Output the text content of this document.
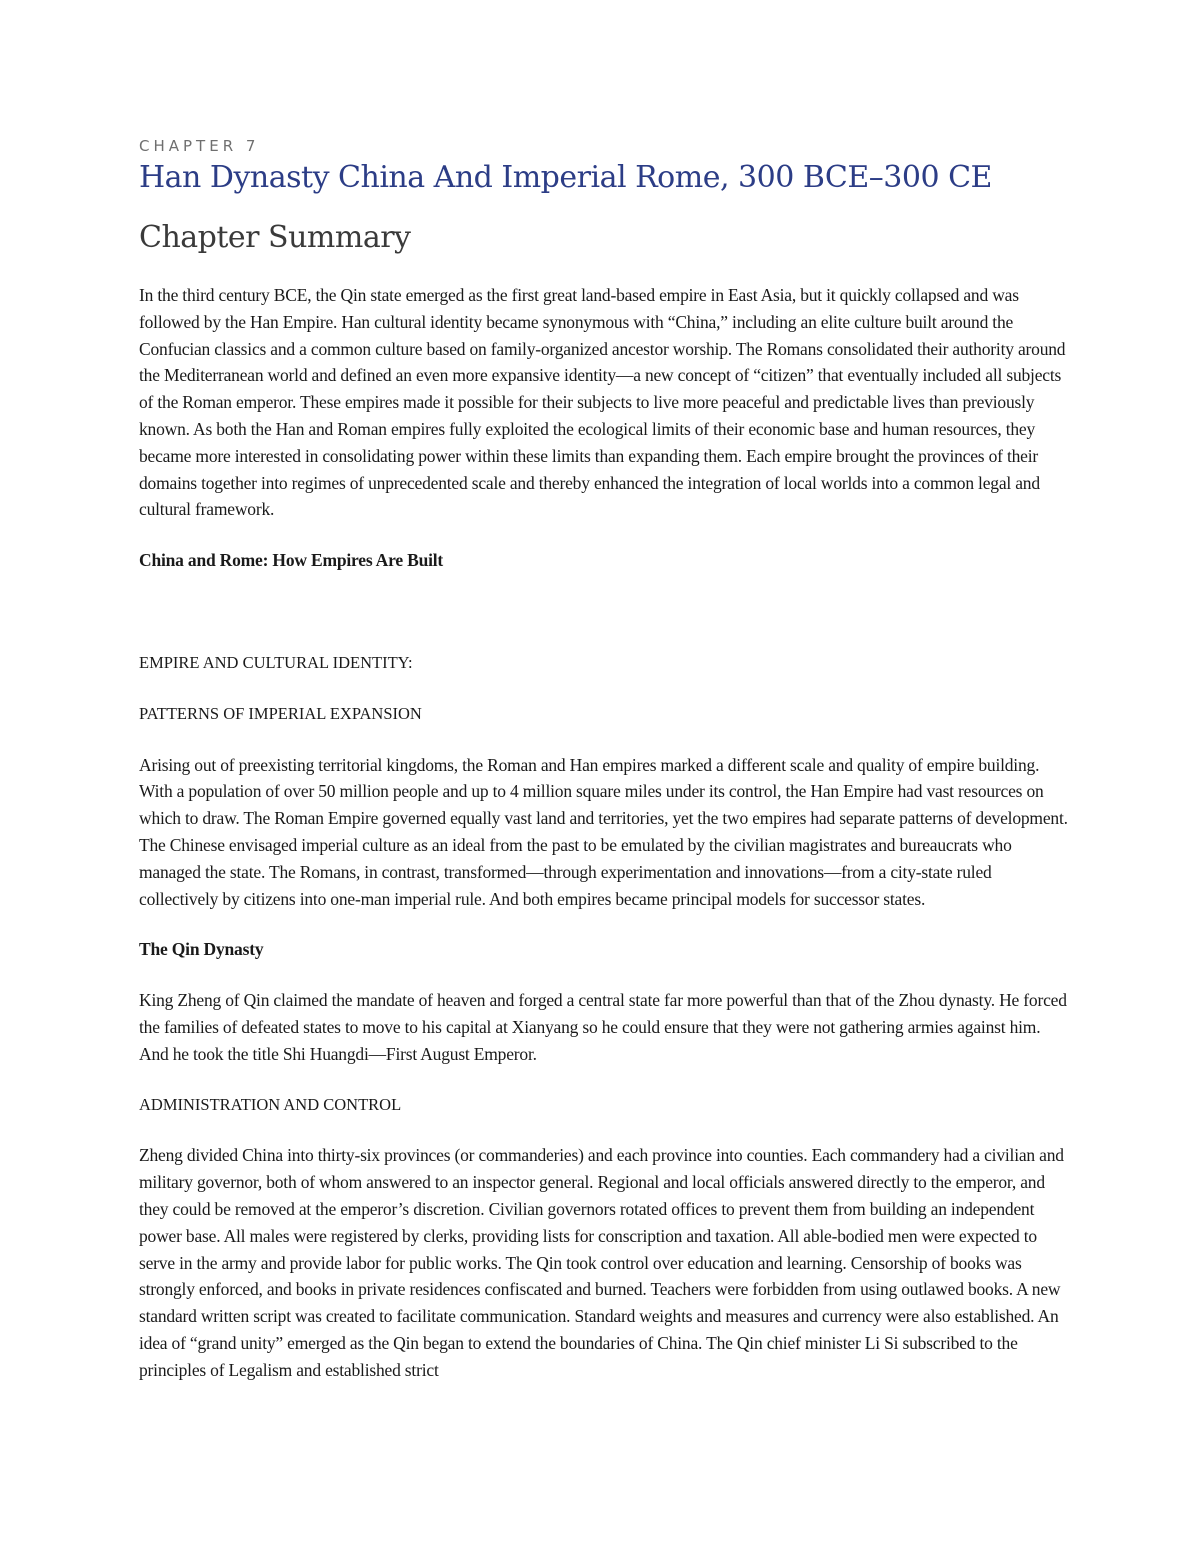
CHAPTER 7
Han Dynasty China And Imperial Rome, 300 BCE–300 CE
Chapter Summary

In the third century BCE, the Qin state emerged as the first great land-based empire in East Asia, but it quickly collapsed and was followed by the Han Empire. Han cultural identity became synonymous with “China,” including an elite culture built around the Confucian classics and a common culture based on family-organized ancestor worship. The Romans consolidated their authority around the Mediterranean world and defined an even more expansive identity—a new concept of “citizen” that eventually included all subjects of the Roman emperor. These empires made it possible for their subjects to live more peaceful and predictable lives than previously known. As both the Han and Roman empires fully exploited the ecological limits of their economic base and human resources, they became more interested in consolidating power within these limits than expanding them. Each empire brought the provinces of their domains together into regimes of unprecedented scale and thereby enhanced the integration of local worlds into a common legal and cultural framework.

China and Rome: How Empires Are Built

EMPIRE AND CULTURAL IDENTITY:

PATTERNS OF IMPERIAL EXPANSION

Arising out of preexisting territorial kingdoms, the Roman and Han empires marked a different scale and quality of empire building. With a population of over 50 million people and up to 4 million square miles under its control, the Han Empire had vast resources on which to draw. The Roman Empire governed equally vast land and territories, yet the two empires had separate patterns of development. The Chinese envisaged imperial culture as an ideal from the past to be emulated by the civilian magistrates and bureaucrats who managed the state. The Romans, in contrast, transformed—through experimentation and innovations—from a city-state ruled collectively by citizens into one-man imperial rule. And both empires became principal models for successor states.

The Qin Dynasty

King Zheng of Qin claimed the mandate of heaven and forged a central state far more powerful than that of the Zhou dynasty. He forced the families of defeated states to move to his capital at Xianyang so he could ensure that they were not gathering armies against him. And he took the title Shi Huangdi—First August Emperor.

ADMINISTRATION AND CONTROL

Zheng divided China into thirty-six provinces (or commanderies) and each province into counties. Each commandery had a civilian and military governor, both of whom answered to an inspector general. Regional and local officials answered directly to the emperor, and they could be removed at the emperor’s discretion. Civilian governors rotated offices to prevent them from building an independent power base. All males were registered by clerks, providing lists for conscription and taxation. All able-bodied men were expected to serve in the army and provide labor for public works. The Qin took control over education and learning. Censorship of books was strongly enforced, and books in private residences confiscated and burned. Teachers were forbidden from using outlawed books. A new standard written script was created to facilitate communication. Standard weights and measures and currency were also established. An idea of “grand unity” emerged as the Qin began to extend the boundaries of China. The Qin chief minister Li Si subscribed to the principles of Legalism and established strict
